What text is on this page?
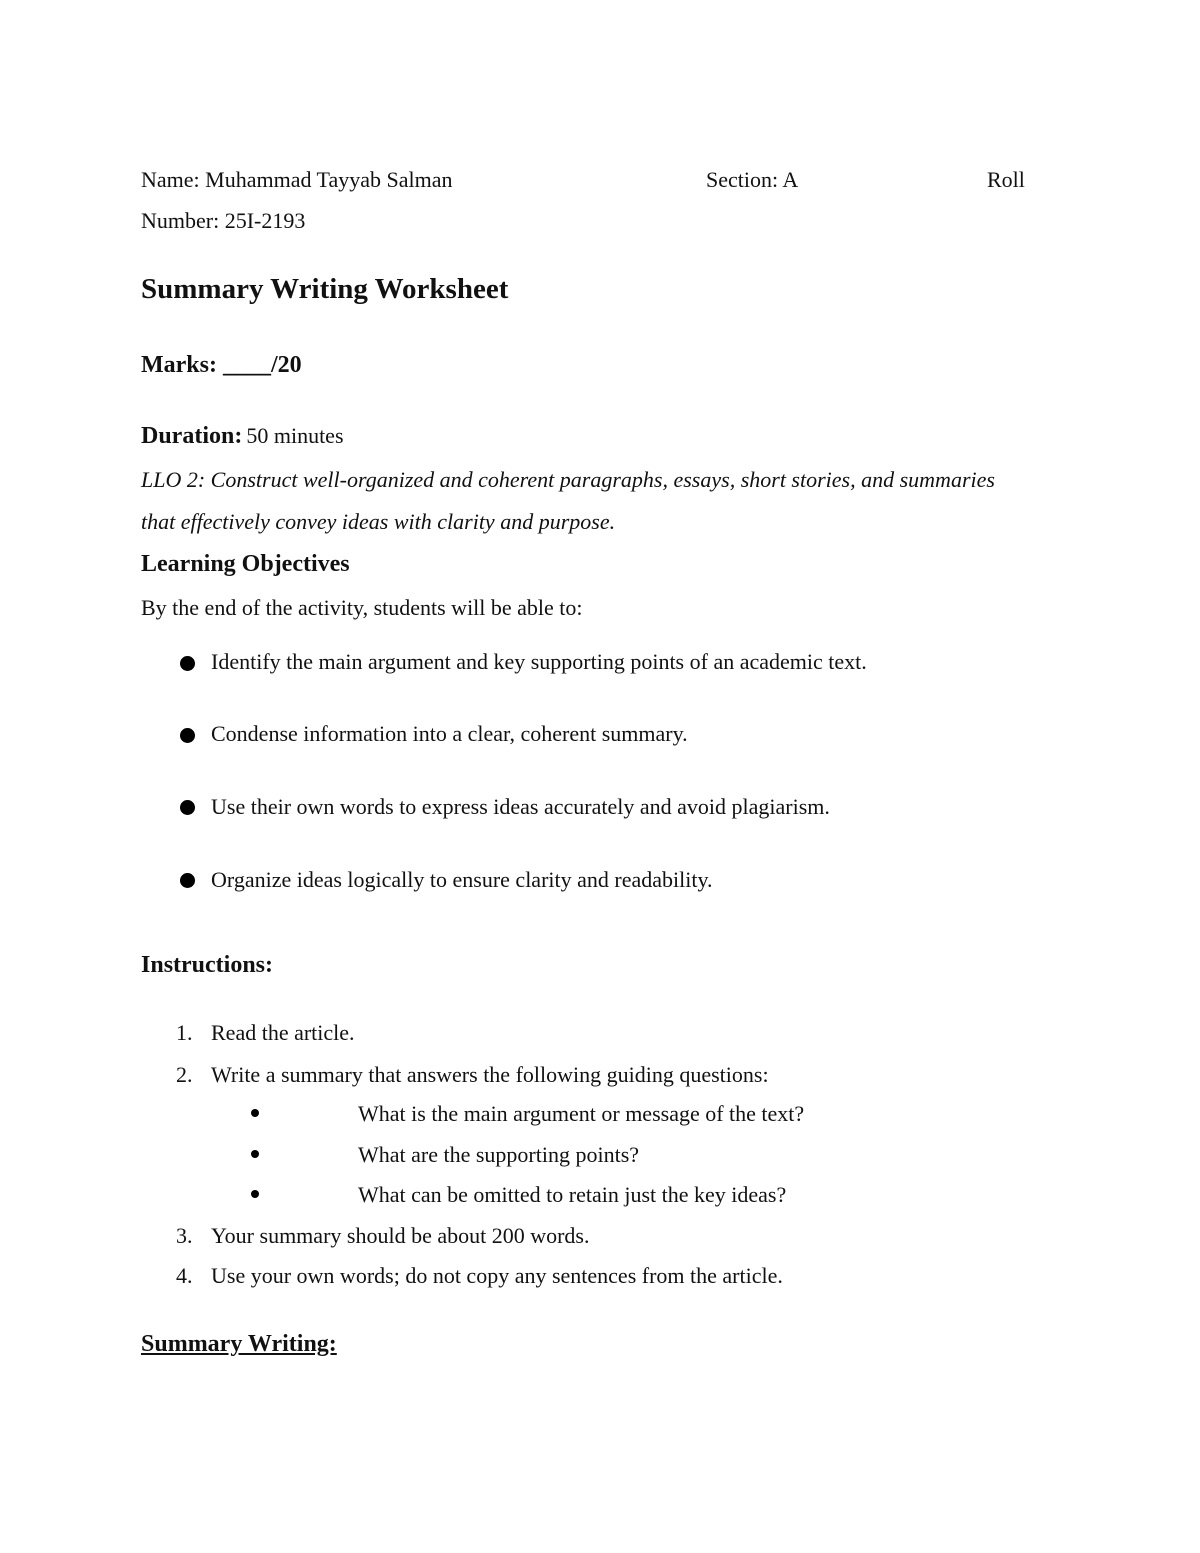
Name: Muhammad Tayyab Salman	Section: A	Roll
Number: 25I-2193
Summary Writing Worksheet
Marks: ____/20
Duration: 50 minutes
LLO 2: Construct well-organized and coherent paragraphs, essays, short stories, and summaries
that effectively convey ideas with clarity and purpose.
Learning Objectives
By the end of the activity, students will be able to:
Identify the main argument and key supporting points of an academic text.
Condense information into a clear, coherent summary.
Use their own words to express ideas accurately and avoid plagiarism.
Organize ideas logically to ensure clarity and readability.
Instructions:
1. Read the article.
2. Write a summary that answers the following guiding questions:
What is the main argument or message of the text?
What are the supporting points?
What can be omitted to retain just the key ideas?
3. Your summary should be about 200 words.
4. Use your own words; do not copy any sentences from the article.
Summary Writing:
